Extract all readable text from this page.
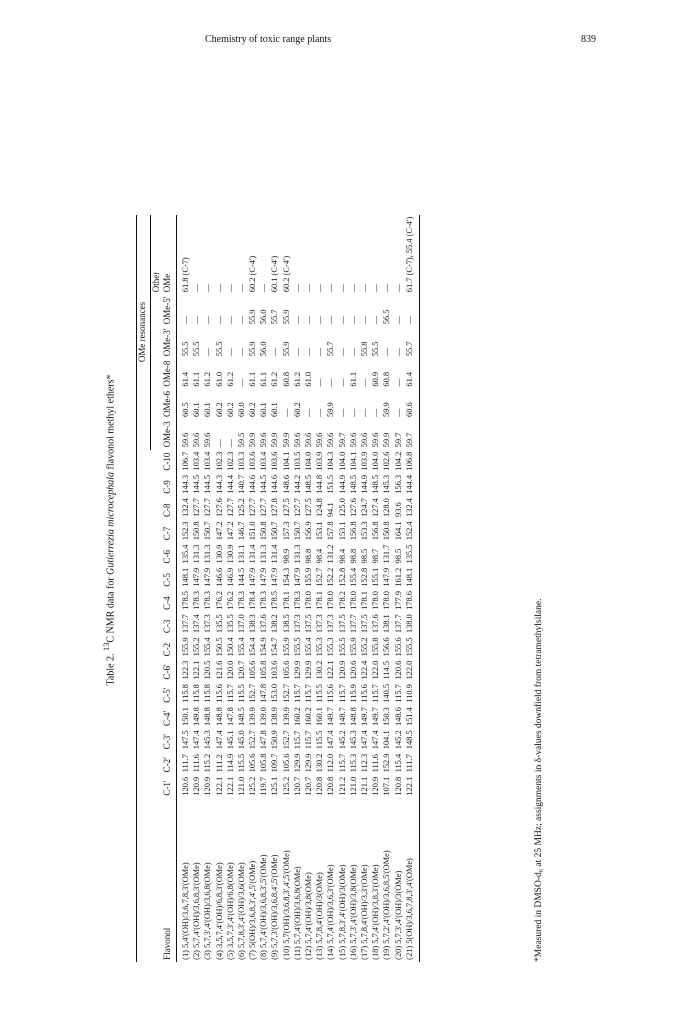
Chemistry of toxic range plants	839
Table 2. $^{13}$C NMR data for Gutierrezia microcephala flavonol methyl ethers*
																OMe resonances					
																					Other
Flavonol	C-1'	C-2'	C-3'	C-4'	C-5'	C-6'	C-2	C-3	C-4	C-5	C-6	C-7	C-8	C-9	C-10	OMe-3	OMe-6	OMe-8	OMe-3'	OMe-5'	OMe
(1) 5,4'(OH)/3,6,7,8,3'(OMe)	120.6	111.7	147.5	150.1	115.8	122.3	155.9	137.7	178.5	148.1	135.4	152.3	132.4	144.3	106.7	59.6	60.5	61.4	55.5	—	61.8 (C-7)
(2) 5,7,4'(OH)/3,6,8,3'(OMe)	120.9	111.6	147.4	149.8	115.8	122.1	155.2	137.4	178.3	147.9	131.3	150.8	127.7	144.5	103.4	59.6	60.1	61.1	55.5	—	—
(3) 5,7,3',4'(OH)/3,6,8(OMe)	120.9	115.2	145.3	148.8	115.8	120.5	155.4	137.3	178.3	147.9	131.3	150.7	127.7	144.5	103.4	59.6	60.1	61.2	—	—	—
(4) 3,5,7,4'(OH)/6,8,3'(OMe)	122.1	111.2	147.4	148.8	115.6	121.6	150.5	135.5	176.2	146.6	130.9	147.2	127.6	144.3	102.3	—	60.2	61.0	55.5	—	—
(5) 3,5,7,3',4'(OH)/6,8(OMe)	122.1	114.9	145.1	147.8	115.7	120.0	150.4	135.5	176.2	146.9	130.9	147.2	127.7	144.4	102.3	—	60.2	61.2	—	—	—
(6) 5,7,8,3',4'(OH)/3,6(OMe)	121.0	115.5	145.0	148.5	115.5	120.7	155.4	137.0	178.3	144.5	131.1	146.7	125.2	140.7	103.3	59.5	60.0	—	—	—	—
(7) 5(OH)/3,6,8,3',4',5'(OMe)	125.2	105.6	152.7	139.9	152.7	105.6	154.4	138.3	178.4	147.9	131.4	151.0	127.7	144.6	103.6	59.9	60.2	61.1	55.9	55.9	60.2 (C-4')
(8) 5,7,4'(OH)/3,6,8,3',5'(OMe)	119.7	105.8	147.8	139.0	147.8	105.8	154.9	137.6	178.3	147.9	131.3	150.8	127.7	144.5	103.4	59.6	60.1	61.1	56.0	56.0	—
(9) 5,7,3'(OH)/3,6,8,4',5'(OMe)	125.1	109.7	150.9	138.9	153.0	103.6	154.7	138.2	178.5	147.9	131.4	150.7	127.8	144.6	103.6	59.9	60.1	61.2	—	55.7	60.1 (C-4')
(10) 5,7(OH)/3,6,8,3',4',5'(OMe)	125.2	105.6	152.7	139.9	152.7	105.6	155.9	138.5	178.1	154.3	98.9	157.3	127.5	148.6	104.1	59.9	—	60.8	55.9	55.9	60.2 (C-4')
(11) 5,7,4'(OH)/3,6,8(OMe)	120.7	129.9	115.7	160.2	115.7	129.9	155.5	137.3	178.3	147.9	131.3	150.7	127.7	144.2	103.5	59.6	60.2	61.2	—	—	—
(12) 5,7,4'(OH)/3,8(OMe)	120.7	129.9	115.7	160.2	115.7	129.9	155.4	137.5	178.0	155.9	98.8	156.9	127.5	148.5	104.0	59.6	—	61.0	—	—	—
(13) 5,7,8,4'(OH)/3(OMe)	120.8	130.2	115.5	160.1	115.5	130.2	155.3	137.3	178.1	152.7	98.4	153.1	124.8	144.8	103.9	59.6	—	—	—	—	—
(14) 5,7,4'(OH)/3,6,3'(OMe)	120.8	112.0	147.4	149.7	115.6	122.1	155.3	137.3	178.0	152.2	131.2	157.8	94.1	151.5	104.3	59.6	59.9	—	55.7	—	—
(15) 5,7,8,3',4'(OH)/3(OMe)	121.2	115.7	145.2	148.7	115.7	120.9	155.5	137.5	178.2	152.8	98.4	153.1	125.0	144.9	104.0	59.7	—	—	—	—	—
(16) 5,7,3',4'(OH)/3,8(OMe)	121.0	115.3	145.3	148.8	115.9	120.6	155.9	137.7	178.0	155.4	98.8	156.8	127.6	148.5	104.1	59.6	—	61.1	—	—	—
(17) 5,7,8,4'(OH)/3,3'(OMe)	121.1	112.3	147.4	149.7	115.6	122.4	155.2	137.5	178.1	152.8	98.5	153.3	124.7	144.9	103.9	59.6	—	—	55.8	—	—
(18) 5,7,4'(OH)/3,8,3'(OMe)	120.9	111.6	147.4	149.7	115.7	122.0	155.8	137.6	178.0	155.1	98.7	156.8	127.4	148.5	104.0	59.6	—	60.9	55.5	—	—
(19) 5,7,2',4'(OH)/3,6,8,5'(OMe)	107.1	152.9	104.1	150.3	140.5	114.5	156.6	138.1	178.0	147.9	131.7	150.8	128.0	145.3	102.6	59.9	59.9	60.8	—	56.5	—
(20) 5,7,3',4'(OH)/3(OMe)	120.8	115.4	145.2	148.6	115.7	120.6	155.6	137.7	177.9	161.2	98.5	164.1	93.6	156.3	104.2	59.7	—	—	—	—	—
(21) 5(OH)/3,6,7,8,3',4'(OMe)	122.1	111.7	148.5	151.4	110.9	122.0	155.5	138.0	178.6	148.1	135.5	152.4	132.4	144.4	106.8	59.7	60.6	61.4	55.7	—	61.7 (C-7), 55.4 (C-4')
*Measured in DMSO-d₆ at 25 MHz; assignments in δ-values downfield from tetramethylsilane.
